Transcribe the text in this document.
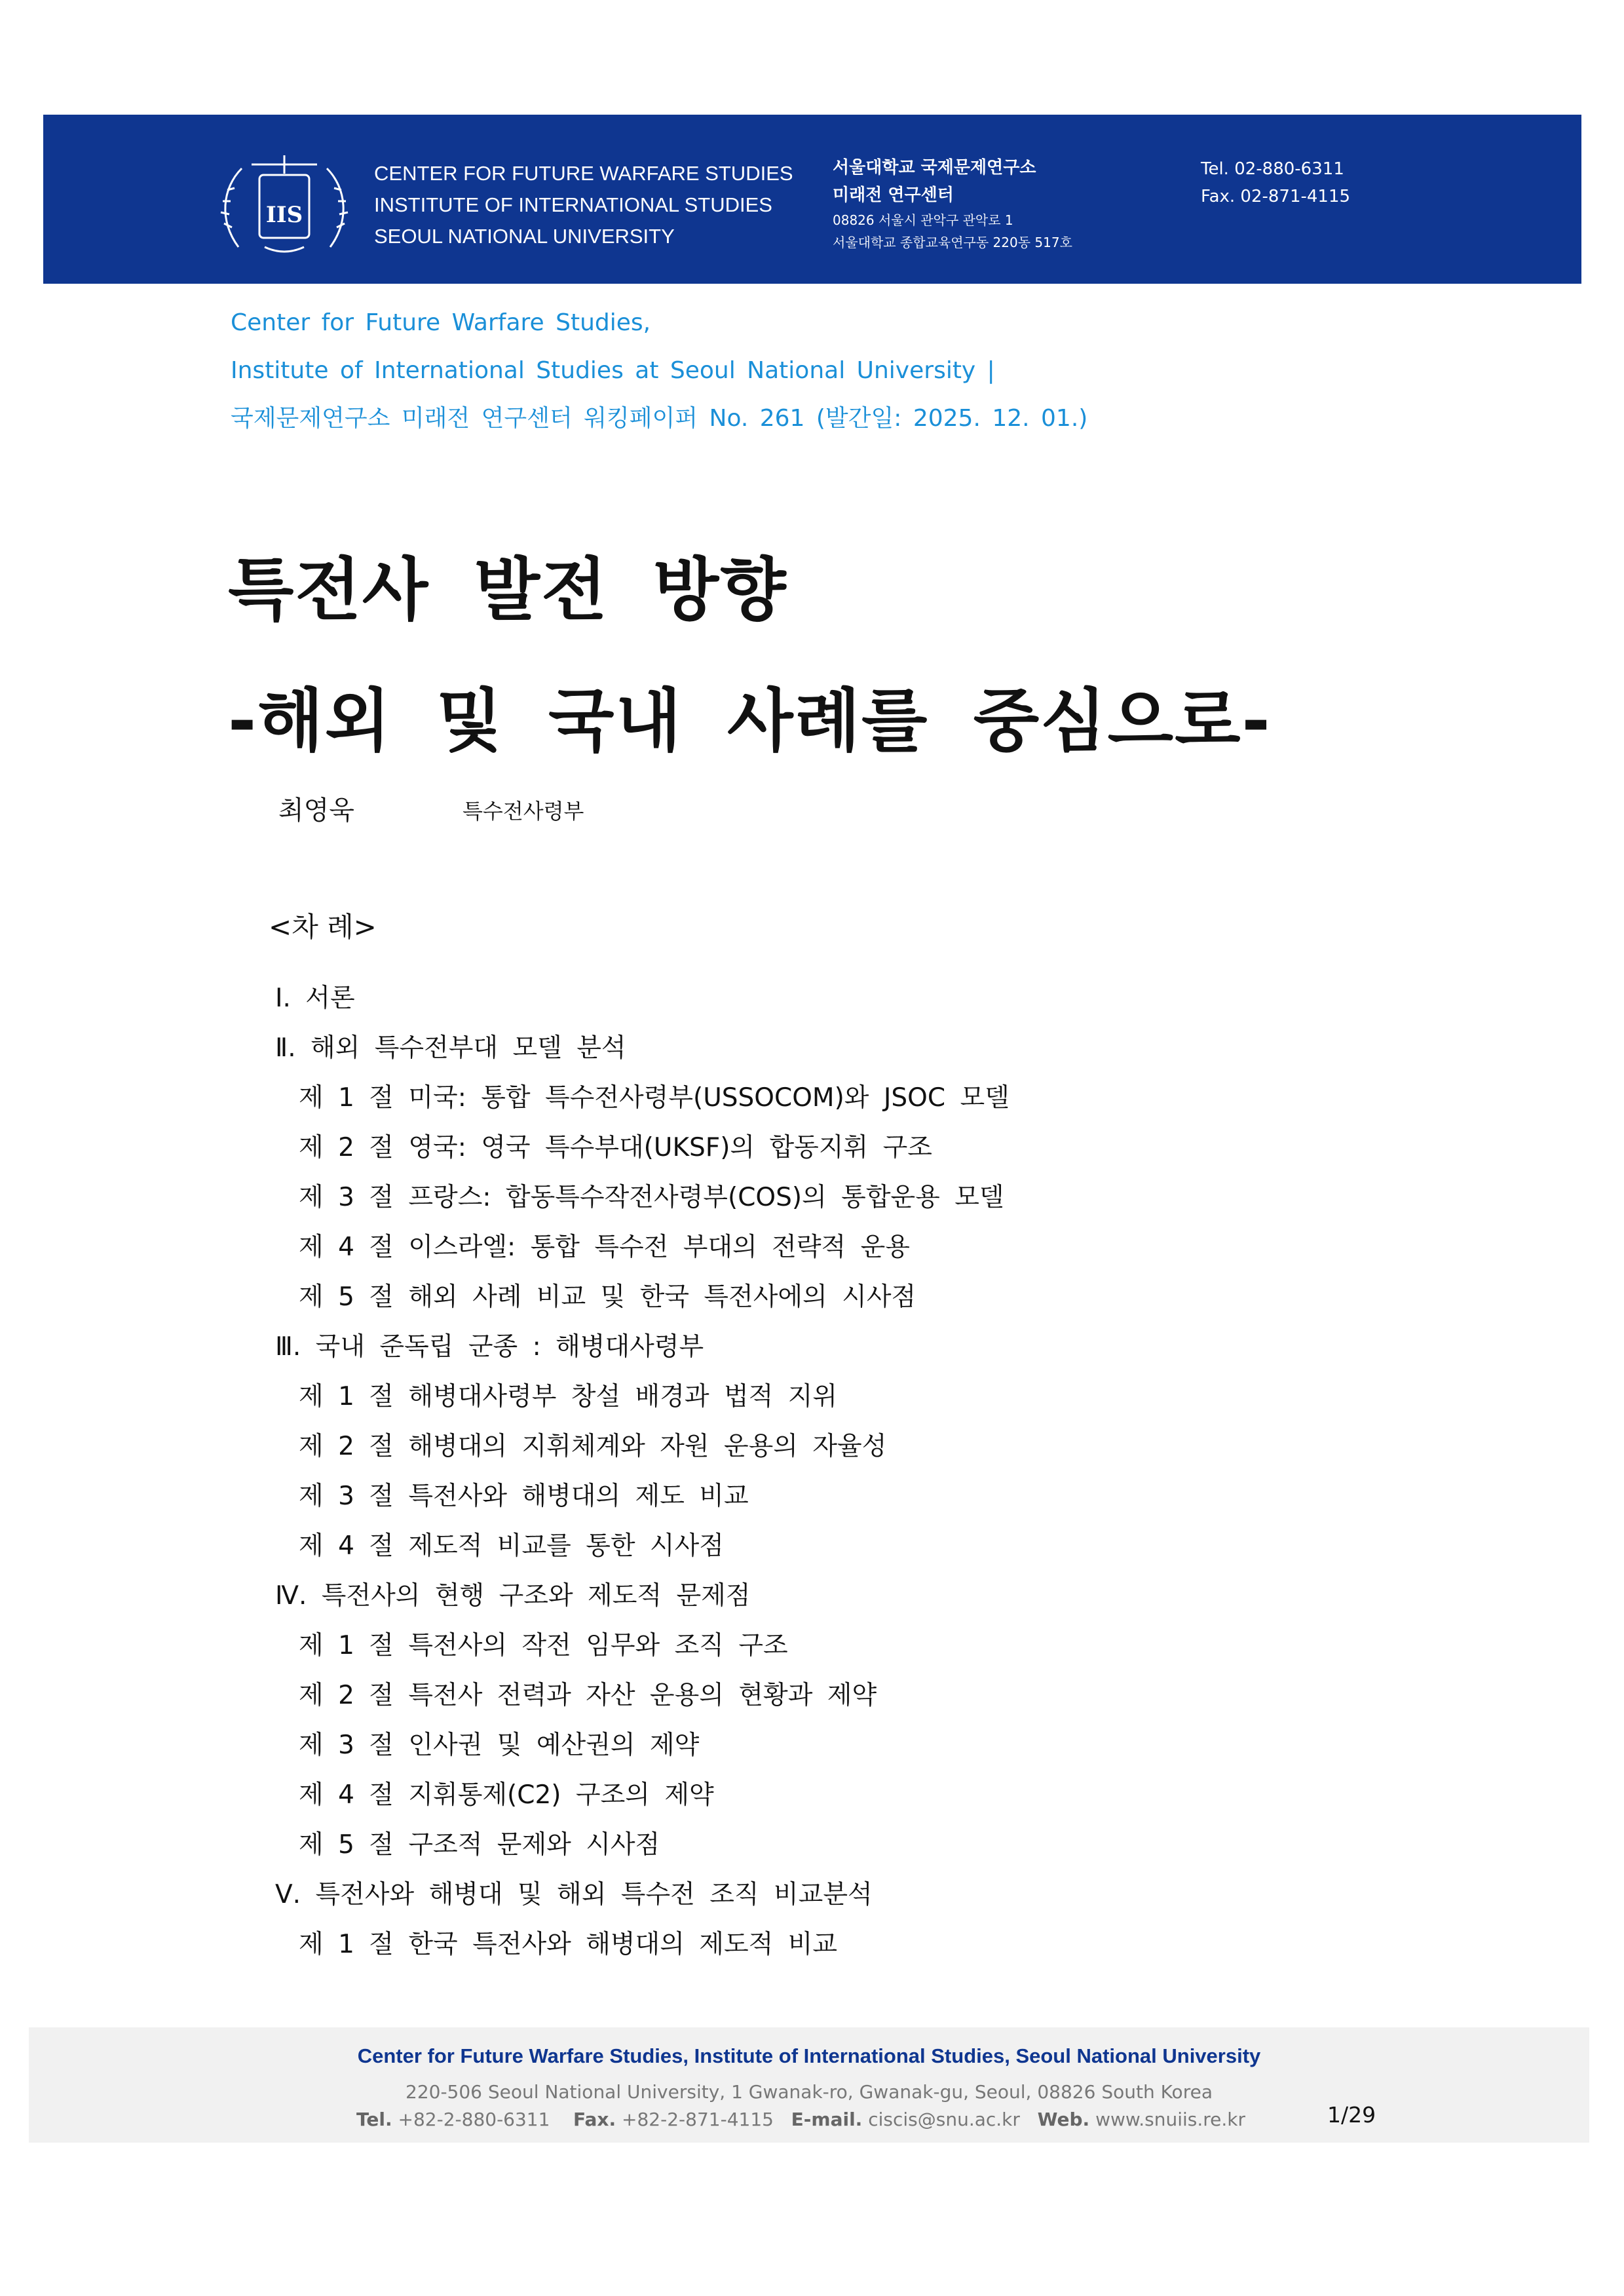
IIS
CENTER FOR FUTURE WARFARE STUDIES
INSTITUTE OF INTERNATIONAL STUDIES
SEOUL NATIONAL UNIVERSITY
서울대학교 국제문제연구소
미래전 연구센터
08826 서울시 관악구 관악로 1
서울대학교 종합교육연구동 220동 517호
Tel. 02-880-6311
Fax. 02-871-4115
Center for Future Warfare Studies,
Institute of International Studies at Seoul National University |
국제문제연구소 미래전 연구센터 워킹페이퍼 No. 261 (발간일: 2025. 12. 01.)
특전사 발전 방향
-해외 및 국내 사례를 중심으로-
최영욱	특수전사령부
<차 례>
Ⅰ. 서론
Ⅱ. 해외 특수전부대 모델 분석
제 1 절 미국: 통합 특수전사령부(USSOCOM)와 JSOC 모델
제 2 절 영국: 영국 특수부대(UKSF)의 합동지휘 구조
제 3 절 프랑스: 합동특수작전사령부(COS)의 통합운용 모델
제 4 절 이스라엘: 통합 특수전 부대의 전략적 운용
제 5 절 해외 사례 비교 및 한국 특전사에의 시사점
Ⅲ. 국내 준독립 군종 : 해병대사령부
제 1 절 해병대사령부 창설 배경과 법적 지위
제 2 절 해병대의 지휘체계와 자원 운용의 자율성
제 3 절 특전사와 해병대의 제도 비교
제 4 절 제도적 비교를 통한 시사점
Ⅳ. 특전사의 현행 구조와 제도적 문제점
제 1 절 특전사의 작전 임무와 조직 구조
제 2 절 특전사 전력과 자산 운용의 현황과 제약
제 3 절 인사권 및 예산권의 제약
제 4 절 지휘통제(C2) 구조의 제약
제 5 절 구조적 문제와 시사점
Ⅴ. 특전사와 해병대 및 해외 특수전 조직 비교분석
제 1 절 한국 특전사와 해병대의 제도적 비교
Center for Future Warfare Studies, Institute of International Studies, Seoul National University
220-506 Seoul National University, 1 Gwanak-ro, Gwanak-gu, Seoul, 08826 South Korea
Tel. +82-2-880-6311 Fax. +82-2-871-4115 E-mail. ciscis@snu.ac.kr Web. www.snuiis.re.kr	1/29
